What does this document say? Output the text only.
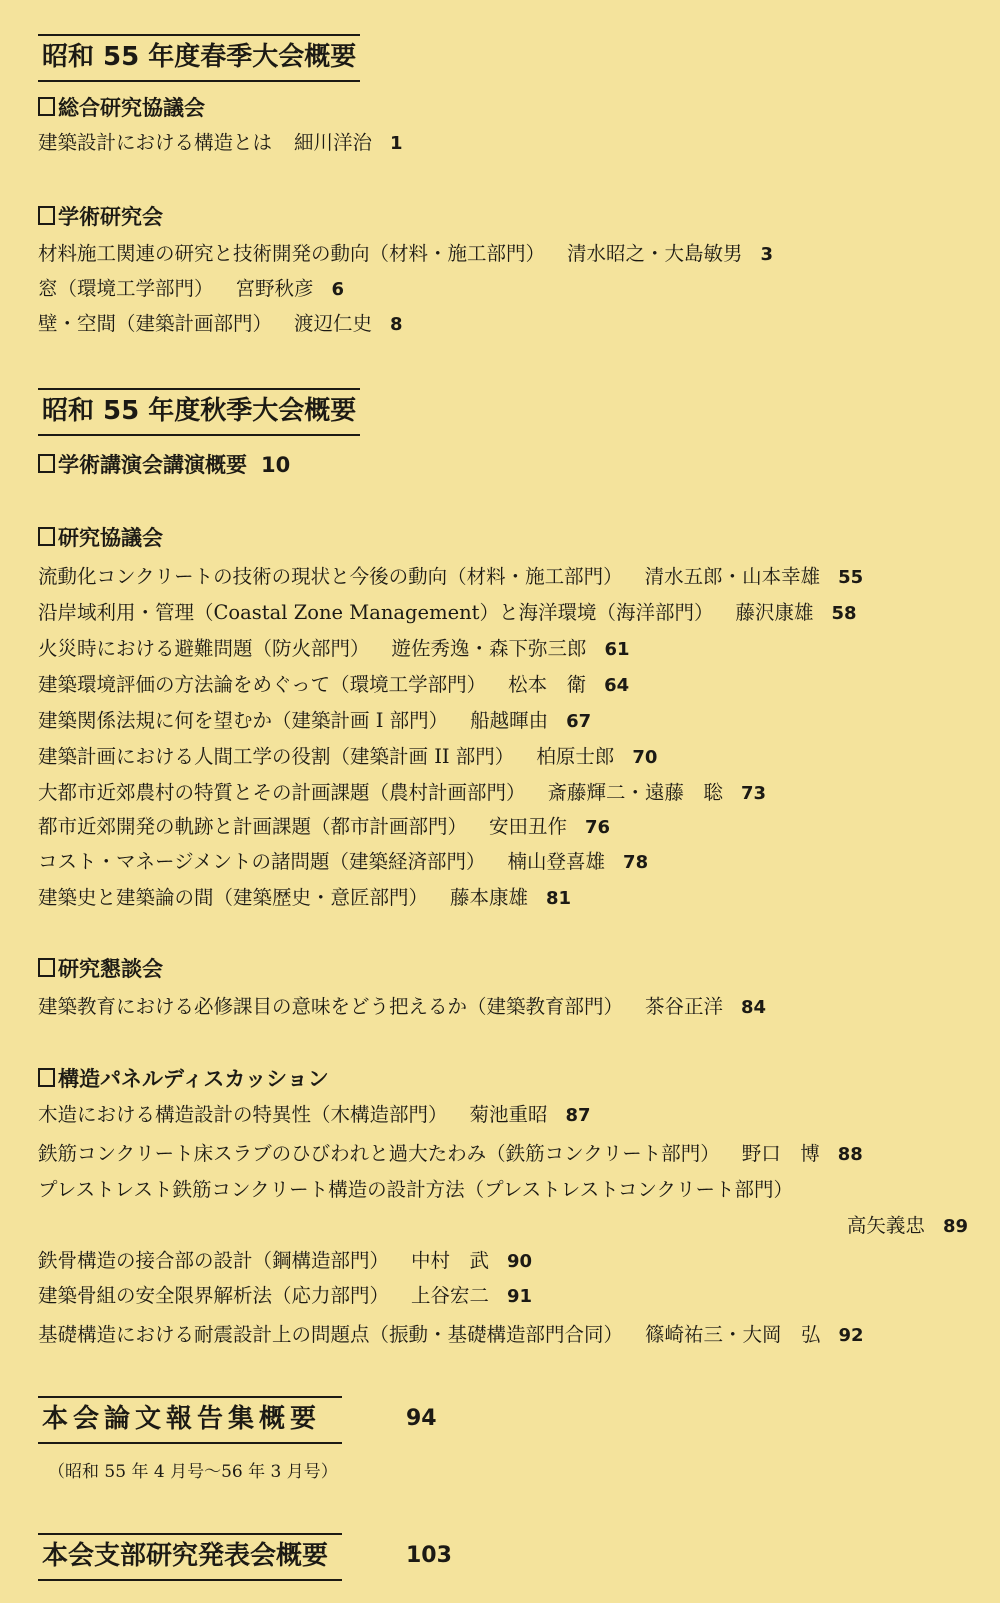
昭和 55 年度春季大会概要
総合研究協議会
建築設計における構造とは 細川洋治 1
学術研究会
材料施工関連の研究と技術開発の動向（材料・施工部門） 清水昭之・大島敏男 3
窓（環境工学部門） 宮野秋彦 6
壁・空間（建築計画部門） 渡辺仁史 8
昭和 55 年度秋季大会概要
学術講演会講演概要 10
研究協議会
流動化コンクリートの技術の現状と今後の動向（材料・施工部門） 清水五郎・山本幸雄 55
沿岸域利用・管理（Coastal Zone Management）と海洋環境（海洋部門） 藤沢康雄 58
火災時における避難問題（防火部門） 遊佐秀逸・森下弥三郎 61
建築環境評価の方法論をめぐって（環境工学部門） 松本　衛 64
建築関係法規に何を望むか（建築計画 I 部門） 船越暉由 67
建築計画における人間工学の役割（建築計画 II 部門） 柏原士郎 70
大都市近郊農村の特質とその計画課題（農村計画部門） 斎藤輝二・遠藤　聡 73
都市近郊開発の軌跡と計画課題（都市計画部門） 安田丑作 76
コスト・マネージメントの諸問題（建築経済部門） 楠山登喜雄 78
建築史と建築論の間（建築歴史・意匠部門） 藤本康雄 81
研究懇談会
建築教育における必修課目の意味をどう把えるか（建築教育部門） 茶谷正洋 84
構造パネルディスカッション
木造における構造設計の特異性（木構造部門） 菊池重昭 87
鉄筋コンクリート床スラブのひびわれと過大たわみ（鉄筋コンクリート部門） 野口　博 88
プレストレスト鉄筋コンクリート構造の設計方法（プレストレストコンクリート部門）
高矢義忠 89
鉄骨構造の接合部の設計（鋼構造部門） 中村　武 90
建築骨組の安全限界解析法（応力部門） 上谷宏二 91
基礎構造における耐震設計上の問題点（振動・基礎構造部門合同） 篠崎祐三・大岡　弘 92
本会論文報告集概要	94
（昭和 55 年 4 月号〜56 年 3 月号）
本会支部研究発表会概要	103
